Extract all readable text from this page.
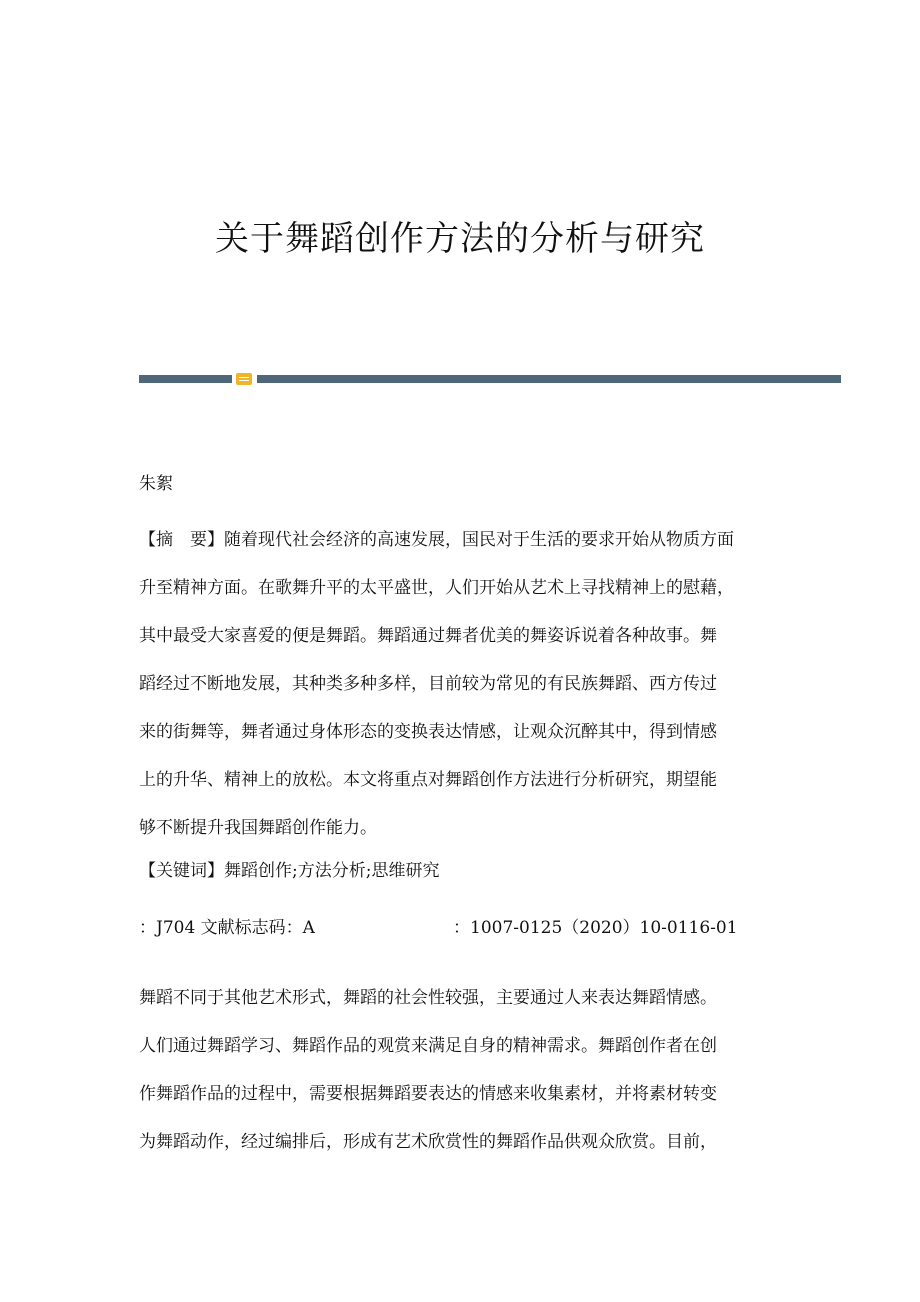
关于舞蹈创作方法的分析与研究
朱絮
【摘　要】随着现代社会经济的高速发展，国民对于生活的要求开始从物质方面
升至精神方面。在歌舞升平的太平盛世，人们开始从艺术上寻找精神上的慰藉，
其中最受大家喜爱的便是舞蹈。舞蹈通过舞者优美的舞姿诉说着各种故事。舞
蹈经过不断地发展，其种类多种多样，目前较为常见的有民族舞蹈、西方传过
来的街舞等，舞者通过身体形态的变换表达情感，让观众沉醉其中，得到情感
上的升华、精神上的放松。本文将重点对舞蹈创作方法进行分析研究，期望能
够不断提升我国舞蹈创作能力。
【关键词】舞蹈创作;方法分析;思维研究
：J704 文献标志码：A	：1007-0125（2020）10-0116-01
舞蹈不同于其他艺术形式，舞蹈的社会性较强，主要通过人来表达舞蹈情感。
人们通过舞蹈学习、舞蹈作品的观赏来满足自身的精神需求。舞蹈创作者在创
作舞蹈作品的过程中，需要根据舞蹈要表达的情感来收集素材，并将素材转变
为舞蹈动作，经过编排后，形成有艺术欣赏性的舞蹈作品供观众欣赏。目前，
